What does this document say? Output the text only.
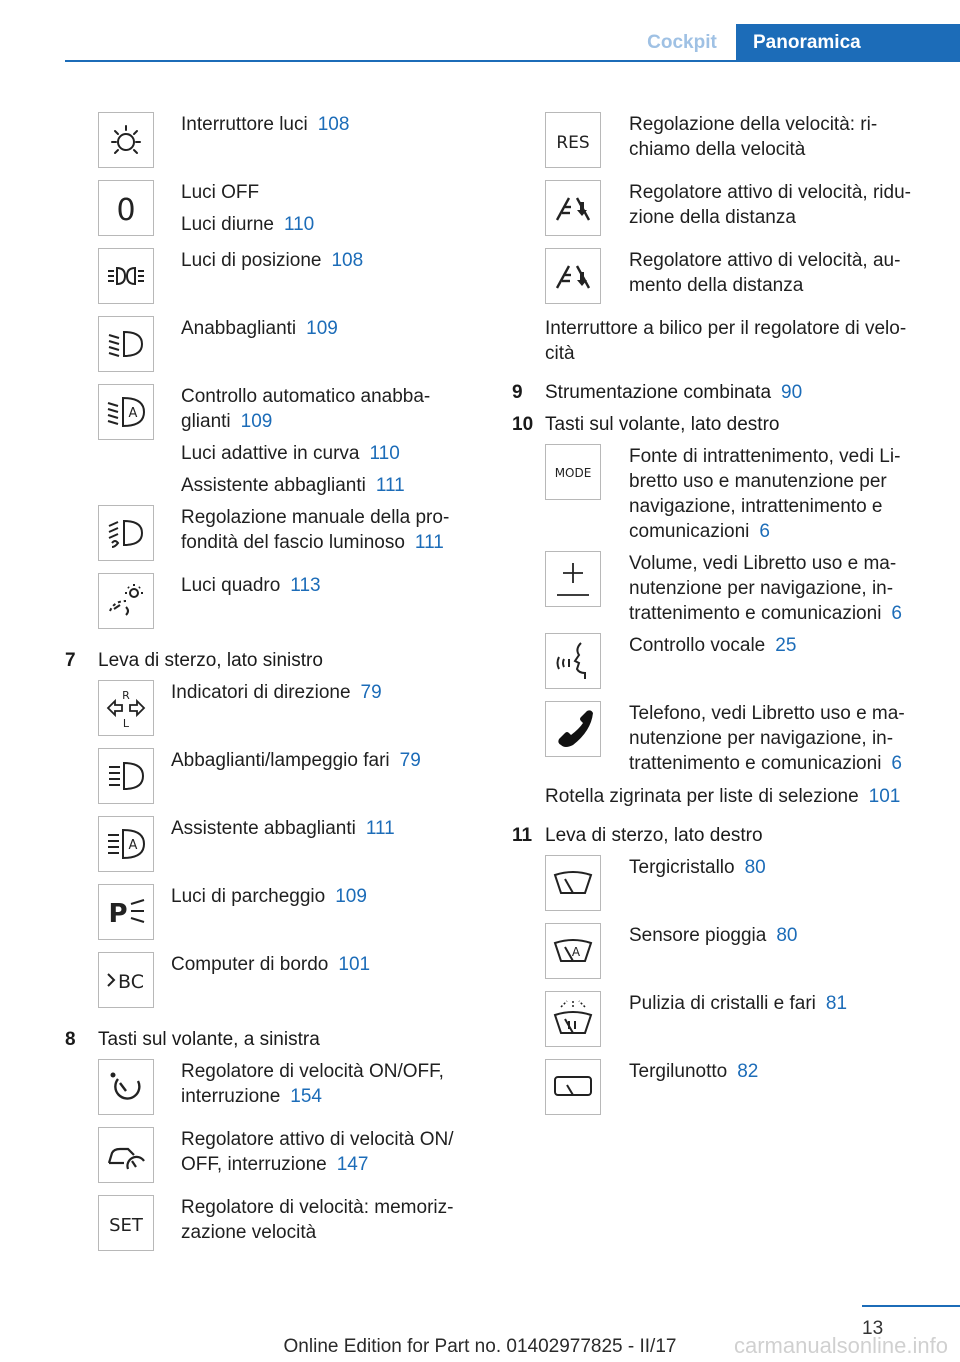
Cockpit Panoramica
Interruttore luci 108
0
Luci OFF
Luci diurne 110
Luci di posizione 108
Anabbaglianti 109
A
Controllo automatico anabba-
glianti 109
Luci adattive in curva 110
Assistente abbaglianti 111
Regolazione manuale della pro-
fondità del fascio luminoso 111
Luci quadro 113
7 Leva di sterzo, lato sinistro
R
L
Indicatori di direzione 79
Abbaglianti/lampeggio fari 79
A
Assistente abbaglianti 111
P
Luci di parcheggio 109
BC
Computer di bordo 101
8 Tasti sul volante, a sinistra
Regolatore di velocità ON/OFF,
interruzione 154
Regolatore attivo di velocità ON/
OFF, interruzione 147
SET
Regolatore di velocità: memoriz-
zazione velocità
RES
Regolazione della velocità: ri-
chiamo della velocità
Regolatore attivo di velocità, ridu-
zione della distanza
Regolatore attivo di velocità, au-
mento della distanza
Interruttore a bilico per il regolatore di velo-
cità
9 Strumentazione combinata 90
10 Tasti sul volante, lato destro
MODE
Fonte di intrattenimento, vedi Li-
bretto uso e manutenzione per
navigazione, intrattenimento e
comunicazioni 6
Volume, vedi Libretto uso e ma-
nutenzione per navigazione, in-
trattenimento e comunicazioni 6
Controllo vocale 25
Telefono, vedi Libretto uso e ma-
nutenzione per navigazione, in-
trattenimento e comunicazioni 6
Rotella zigrinata per liste di selezione 101
11 Leva di sterzo, lato destro
Tergicristallo 80
A
Sensore pioggia 80
Pulizia di cristalli e fari 81
Tergilunotto 82
13
Online Edition for Part no. 01402977825 - II/17	carmanualsonline.info
